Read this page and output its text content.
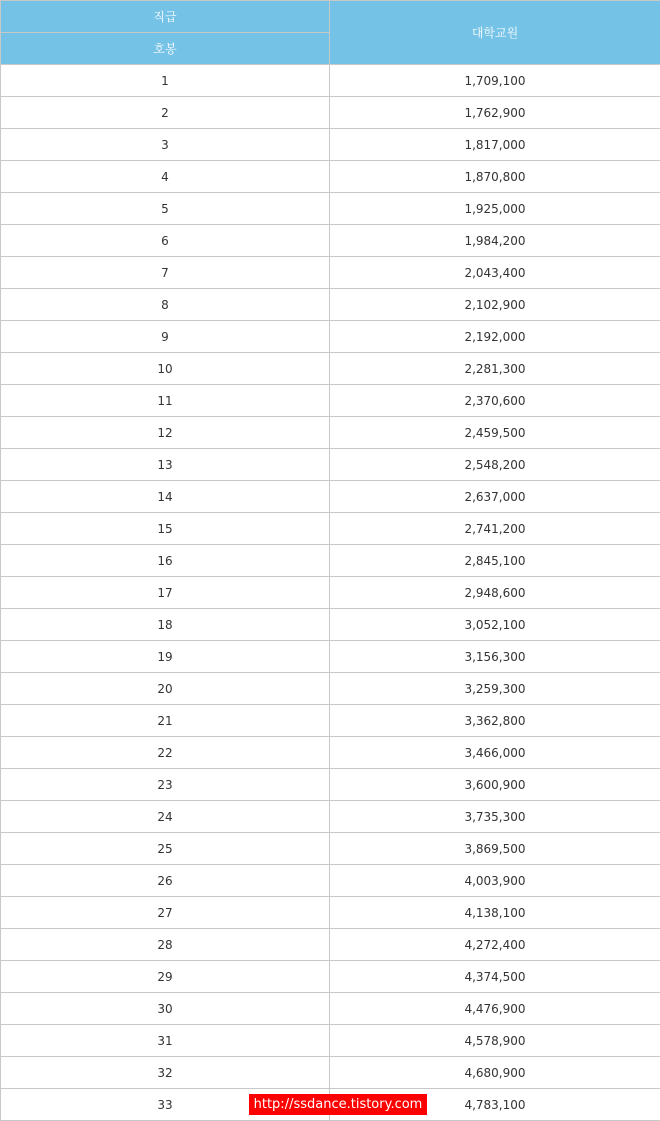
직급	대학교원
호봉	
1	1,709,100
2	1,762,900
3	1,817,000
4	1,870,800
5	1,925,000
6	1,984,200
7	2,043,400
8	2,102,900
9	2,192,000
10	2,281,300
11	2,370,600
12	2,459,500
13	2,548,200
14	2,637,000
15	2,741,200
16	2,845,100
17	2,948,600
18	3,052,100
19	3,156,300
20	3,259,300
21	3,362,800
22	3,466,000
23	3,600,900
24	3,735,300
25	3,869,500
26	4,003,900
27	4,138,100
28	4,272,400
29	4,374,500
30	4,476,900
31	4,578,900
32	4,680,900
33	4,783,100
http://ssdance.tistory.com
